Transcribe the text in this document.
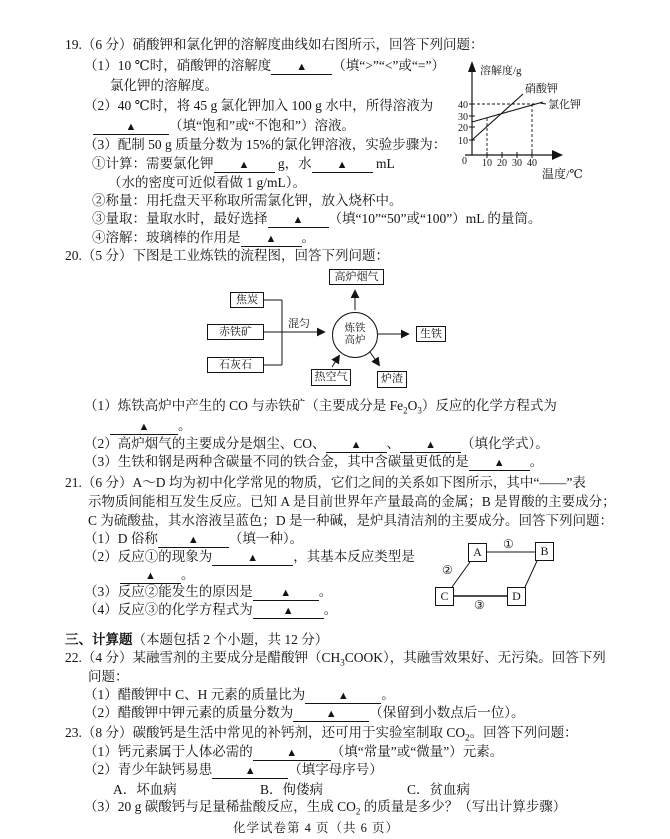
19.（6 分）硝酸钾和氯化钾的溶解度曲线如右图所示，回答下列问题：
（1）10 ℃时，硝酸钾的溶解度 ▲ （填“>”“<”或“=”）
氯化钾的溶解度。
（2）40 ℃时，将 45 g 氯化钾加入 100 g 水中，所得溶液为
▲ （填“饱和”或“不饱和”）溶液。
（3）配制 50 g 质量分数为 15%的氯化钾溶液，实验步骤为：
①计算：需要氯化钾 ▲ g，水 ▲ mL
（水的密度可近似看做 1 g/mL）。
②称量：用托盘天平称取所需氯化钾，放入烧杯中。
③量取：量取水时，最好选择 ▲ （填“10”“50”或“100”）mL 的量筒。
④溶解：玻璃棒的作用是 ▲ 。
溶解度/g
温度/℃
硝酸钾
氯化钾
40
30
20
10
0 10 20 30 40
20.（5 分）下图是工业炼铁的流程图，回答下列问题：
焦炭
赤铁矿
石灰石
混匀	炼铁
高炉
高炉烟气
生铁
热空气	炉渣
（1）炼铁高炉中产生的 CO 与赤铁矿（主要成分是 $Fe_2O_3$）反应的化学方程式为
▲ 。
（2）高炉烟气的主要成分是烟尘、CO、 ▲ 、 ▲ （填化学式）。
（3）生铁和钢是两种含碳量不同的铁合金，其中含碳量更低的是 ▲ 。
21.（6 分）A～D 均为初中化学常见的物质，它们之间的关系如下图所示，其中“——”表
示物质间能相互发生反应。已知 A 是目前世界年产量最高的金属；B 是胃酸的主要成分；
C 为硫酸盐，其水溶液呈蓝色；D 是一种碱，是炉具清洁剂的主要成分。回答下列问题：
（1）D 俗称	▲ （填一种）。
（2）反应①的现象为	▲	，其基本反应类型是
▲ 。
（3）反应②能发生的原因是	▲ 。
（4）反应③的化学方程式为	▲ 。
A	B
C	D
①
②
③
三、计算题（本题包括 2 个小题，共 12 分）
22.（4 分）某融雪剂的主要成分是醋酸钾$(CH_3COOK)$，其融雪效果好、无污染。回答下列
问题：
（1）醋酸钾中 C、H 元素的质量比为	▲ 。
（2）醋酸钾中钾元素的质量分数为	▲ （保留到小数点后一位）。
23.（8 分）碳酸钙是生活中常见的补钙剂，还可用于实验室制取 $CO_2$。回答下列问题：
（1）钙元素属于人体必需的	▲ （填“常量”或“微量”）元素。
（2）青少年缺钙易患	▲ （填字母序号）
A．坏血病	B．佝偻病	C．贫血病
（3）20 g 碳酸钙与足量稀盐酸反应，生成 $CO_2$ 的质量是多少？（写出计算步骤）
化学试卷第 4 页（共 6 页）
